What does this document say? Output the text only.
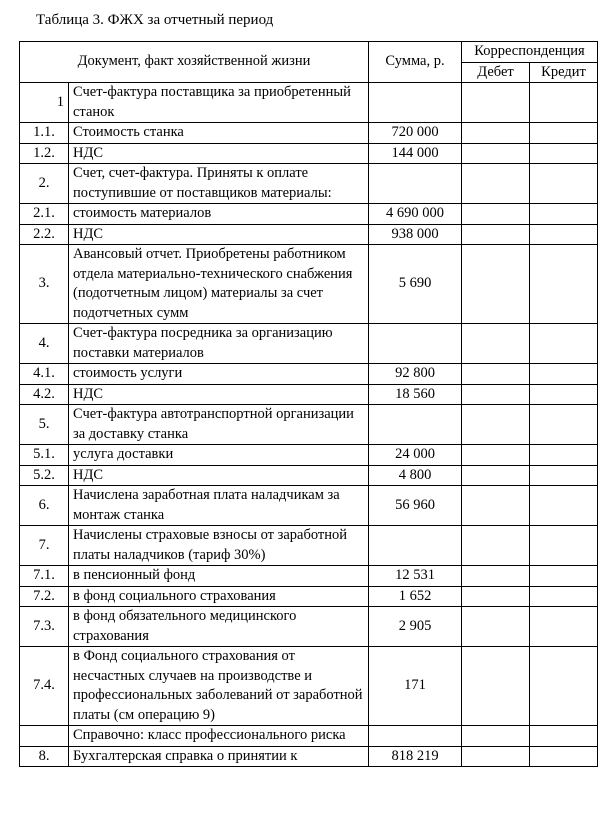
Таблица 3. ФЖХ за отчетный период
Документ, факт хозяйственной жизни		Сумма, р.	Корреспонденция	
			Дебет	Кредит
1	Счет-фактура поставщика за приобретенный станок			
1.1.	Стоимость станка	720 000		
1.2.	НДС	144 000		
2.	Счет, счет-фактура. Приняты к оплате поступившие от поставщиков материалы:			
2.1.	стоимость материалов	4 690 000		
2.2.	НДС	938 000		
3.	Авансовый отчет. Приобретены работником отдела материально-технического снабжения (подотчетным лицом) материалы за счет подотчетных сумм	5 690		
4.	Счет-фактура посредника за организацию поставки материалов			
4.1.	стоимость услуги	92 800		
4.2.	НДС	18 560		
5.	Счет-фактура автотранспортной организации за доставку станка			
5.1.	услуга доставки	24 000		
5.2.	НДС	4 800		
6.	Начислена заработная плата наладчикам за монтаж станка	56 960		
7.	Начислены страховые взносы от заработной платы наладчиков (тариф 30%)			
7.1.	в пенсионный фонд	12 531		
7.2.	в фонд социального страхования	1 652		
7.3.	в фонд обязательного медицинского страхования	2 905		
7.4.	в Фонд социального страхования от несчастных случаев на производстве и профессиональных заболеваний от заработной платы (см операцию 9)	171		
	Справочно: класс профессионального риска			
8.	Бухгалтерская справка о принятии к	818 219		
